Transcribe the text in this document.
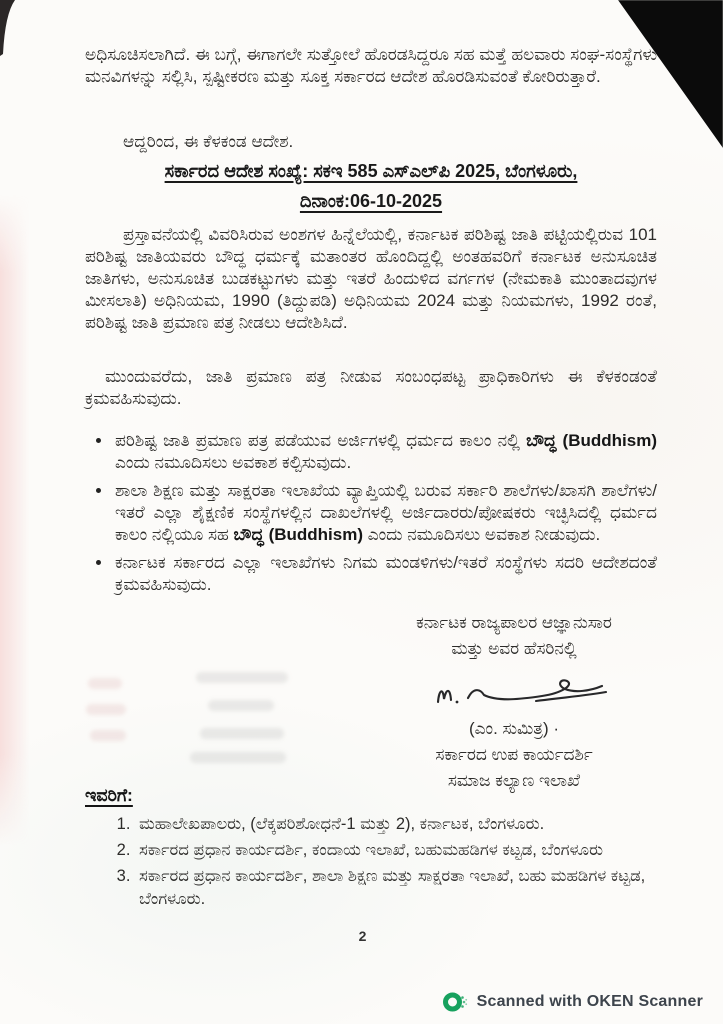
ಅಧಿಸೂಚಿಸಲಾಗಿದೆ. ಈ ಬಗ್ಗೆ, ಈಗಾಗಲೇ ಸುತ್ತೋಲೆ ಹೊರಡಸಿದ್ದರೂ ಸಹ ಮತ್ತೆ ಹಲವಾರು ಸಂಘ-ಸಂಸ್ಥೆಗಳು ಮನವಿಗಳನ್ನು ಸಲ್ಲಿಸಿ, ಸ್ಪಷ್ಟೀಕರಣ ಮತ್ತು ಸೂಕ್ತ ಸರ್ಕಾರದ ಆದೇಶ ಹೊರಡಿಸುವಂತೆ ಕೋರಿರುತ್ತಾರೆ.
ಆದ್ದರಿಂದ, ಈ ಕೆಳಕಂಡ ಆದೇಶ.
ಸರ್ಕಾರದ ಆದೇಶ ಸಂಖ್ಯೆ: ಸಕಇ 585 ಎಸ್‌ಎಲ್‌ಪಿ 2025, ಬೆಂಗಳೂರು,
ದಿನಾಂಕ:06-10-2025
ಪ್ರಸ್ತಾವನೆಯಲ್ಲಿ ವಿವರಿಸಿರುವ ಅಂಶಗಳ ಹಿನ್ನೆಲೆಯಲ್ಲಿ, ಕರ್ನಾಟಕ ಪರಿಶಿಷ್ಟ ಜಾತಿ ಪಟ್ಟಿಯಲ್ಲಿರುವ 101 ಪರಿಶಿಷ್ಟ ಜಾತಿಯವರು ಬೌದ್ಧ ಧರ್ಮಕ್ಕೆ ಮತಾಂತರ ಹೊಂದಿದ್ದಲ್ಲಿ ಅಂತಹವರಿಗೆ ಕರ್ನಾಟಕ ಅನುಸೂಚಿತ ಜಾತಿಗಳು, ಅನುಸೂಚಿತ ಬುಡಕಟ್ಟುಗಳು ಮತ್ತು ಇತರೆ ಹಿಂದುಳಿದ ವರ್ಗಗಳ (ನೇಮಕಾತಿ ಮುಂತಾದವುಗಳ ಮೀಸಲಾತಿ) ಅಧಿನಿಯಮ, 1990 (ತಿದ್ದುಪಡಿ) ಅಧಿನಿಯಮ 2024 ಮತ್ತು ನಿಯಮಗಳು, 1992 ರಂತೆ, ಪರಿಶಿಷ್ಟ ಜಾತಿ ಪ್ರಮಾಣ ಪತ್ರ ನೀಡಲು ಆದೇಶಿಸಿದೆ.
ಮುಂದುವರೆದು, ಜಾತಿ ಪ್ರಮಾಣ ಪತ್ರ ನೀಡುವ ಸಂಬಂಧಪಟ್ಟ ಪ್ರಾಧಿಕಾರಿಗಳು ಈ ಕೆಳಕಂಡಂತೆ ಕ್ರಮವಹಿಸುವುದು.
ಪರಿಶಿಷ್ಟ ಜಾತಿ ಪ್ರಮಾಣ ಪತ್ರ ಪಡೆಯುವ ಅರ್ಜಿಗಳಲ್ಲಿ ಧರ್ಮದ ಕಾಲಂ ನಲ್ಲಿ ಬೌದ್ಧ (Buddhism) ಎಂದು ನಮೂದಿಸಲು ಅವಕಾಶ ಕಲ್ಪಿಸುವುದು.
ಶಾಲಾ ಶಿಕ್ಷಣ ಮತ್ತು ಸಾಕ್ಷರತಾ ಇಲಾಖೆಯ ವ್ಯಾಪ್ತಿಯಲ್ಲಿ ಬರುವ ಸರ್ಕಾರಿ ಶಾಲೆಗಳು/ಖಾಸಗಿ ಶಾಲೆಗಳು/ಇತರೆ ಎಲ್ಲಾ ಶೈಕ್ಷಣಿಕ ಸಂಸ್ಥೆಗಳಲ್ಲಿನ ದಾಖಲೆಗಳಲ್ಲಿ ಅರ್ಜಿದಾರರು/ಪೋಷಕರು ಇಚ್ಛಿಸಿದಲ್ಲಿ ಧರ್ಮದ ಕಾಲಂ ನಲ್ಲಿಯೂ ಸಹ ಬೌದ್ಧ (Buddhism) ಎಂದು ನಮೂದಿಸಲು ಅವಕಾಶ ನೀಡುವುದು.
ಕರ್ನಾಟಕ ಸರ್ಕಾರದ ಎಲ್ಲಾ ಇಲಾಖೆಗಳು ನಿಗಮ ಮಂಡಳಿಗಳು/ಇತರೆ ಸಂಸ್ಥೆಗಳು ಸದರಿ ಆದೇಶದಂತೆ ಕ್ರಮವಹಿಸುವುದು.
ಕರ್ನಾಟಕ ರಾಜ್ಯಪಾಲರ ಆಜ್ಞಾನುಸಾರ
ಮತ್ತು ಅವರ ಹೆಸರಿನಲ್ಲಿ
(ಎಂ. ಸುಮಿತ್ರ) ·
ಸರ್ಕಾರದ ಉಪ ಕಾರ್ಯದರ್ಶಿ
ಸಮಾಜ ಕಲ್ಯಾಣ ಇಲಾಖೆ
ಇವರಿಗೆ:
1. ಮಹಾಲೇಖಪಾಲರು, (ಲೆಕ್ಕಪರಿಶೋಧನೆ-1 ಮತ್ತು 2), ಕರ್ನಾಟಕ, ಬೆಂಗಳೂರು.
2. ಸರ್ಕಾರದ ಪ್ರಧಾನ ಕಾರ್ಯದರ್ಶಿ, ಕಂದಾಯ ಇಲಾಖೆ, ಬಹುಮಹಡಿಗಳ ಕಟ್ಟಡ, ಬೆಂಗಳೂರು
3. ಸರ್ಕಾರದ ಪ್ರಧಾನ ಕಾರ್ಯದರ್ಶಿ, ಶಾಲಾ ಶಿಕ್ಷಣ ಮತ್ತು ಸಾಕ್ಷರತಾ ಇಲಾಖೆ, ಬಹು ಮಹಡಿಗಳ ಕಟ್ಟಡ, ಬೆಂಗಳೂರು.
2
Scanned with OKEN Scanner
